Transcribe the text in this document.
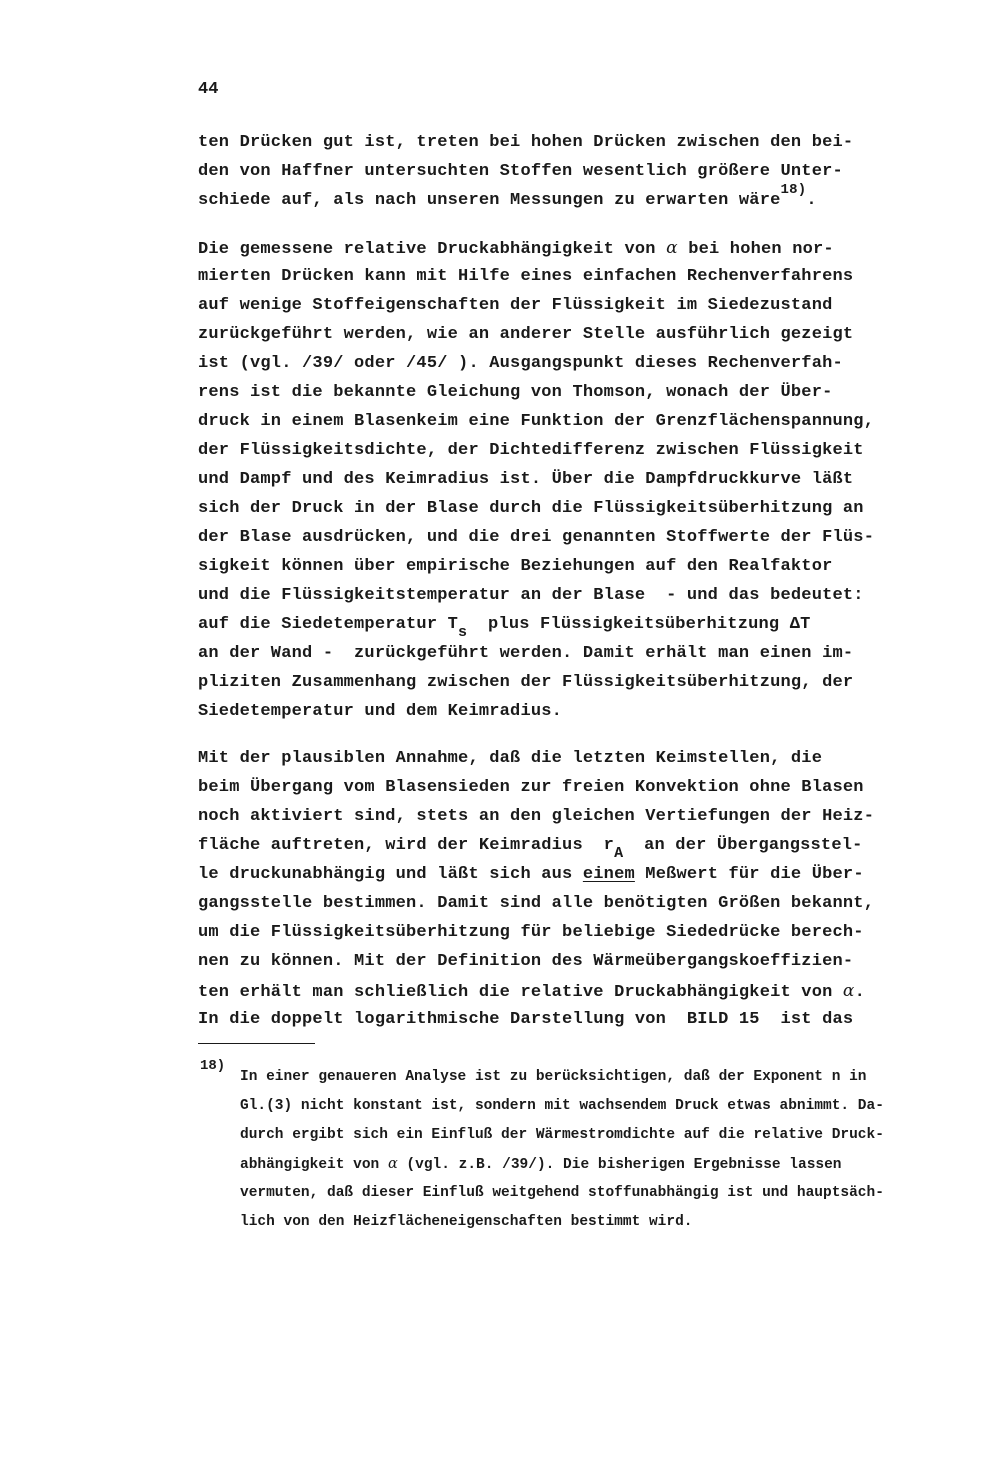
44
ten Drücken gut ist, treten bei hohen Drücken zwischen den bei-
den von Haffner untersuchten Stoffen wesentlich größere Unter-
schiede auf, als nach unseren Messungen zu erwarten wäre$^{18)}$.
Die gemessene relative Druckabhängigkeit von α bei hohen nor-
mierten Drücken kann mit Hilfe eines einfachen Rechenverfahrens
auf wenige Stoffeigenschaften der Flüssigkeit im Siedezustand
zurückgeführt werden, wie an anderer Stelle ausführlich gezeigt
ist (vgl. /39/ oder /45/ ). Ausgangspunkt dieses Rechenverfah-
rens ist die bekannte Gleichung von Thomson, wonach der Über-
druck in einem Blasenkeim eine Funktion der Grenzflächenspannung,
der Flüssigkeitsdichte, der Dichtedifferenz zwischen Flüssigkeit
und Dampf und des Keimradius ist. Über die Dampfdruckkurve läßt
sich der Druck in der Blase durch die Flüssigkeitsüberhitzung an
der Blase ausdrücken, und die drei genannten Stoffwerte der Flüs-
sigkeit können über empirische Beziehungen auf den Realfaktor
und die Flüssigkeitstemperatur an der Blase  - und das bedeutet:
auf die Siedetemperatur Ts  plus Flüssigkeitsüberhitzung ΔT
an der Wand -  zurückgeführt werden. Damit erhält man einen im-
pliziten Zusammenhang zwischen der Flüssigkeitsüberhitzung, der
Siedetemperatur und dem Keimradius.
Mit der plausiblen Annahme, daß die letzten Keimstellen, die
beim Übergang vom Blasensieden zur freien Konvektion ohne Blasen
noch aktiviert sind, stets an den gleichen Vertiefungen der Heiz-
fläche auftreten, wird der Keimradius  rA  an der Übergangsstel-
le druckunabhängig und läßt sich aus einem Meßwert für die Über-
gangsstelle bestimmen. Damit sind alle benötigten Größen bekannt,
um die Flüssigkeitsüberhitzung für beliebige Siededrücke berech-
nen zu können. Mit der Definition des Wärmeübergangskoeffizien-
ten erhält man schließlich die relative Druckabhängigkeit von α.
In die doppelt logarithmische Darstellung von  BILD 15  ist das
18)
In einer genaueren Analyse ist zu berücksichtigen, daß der Exponent n in
Gl.(3) nicht konstant ist, sondern mit wachsendem Druck etwas abnimmt. Da-
durch ergibt sich ein Einfluß der Wärmestromdichte auf die relative Druck-
abhängigkeit von α (vgl. z.B. /39/). Die bisherigen Ergebnisse lassen
vermuten, daß dieser Einfluß weitgehend stoffunabhängig ist und hauptsäch-
lich von den Heizflächeneigenschaften bestimmt wird.
